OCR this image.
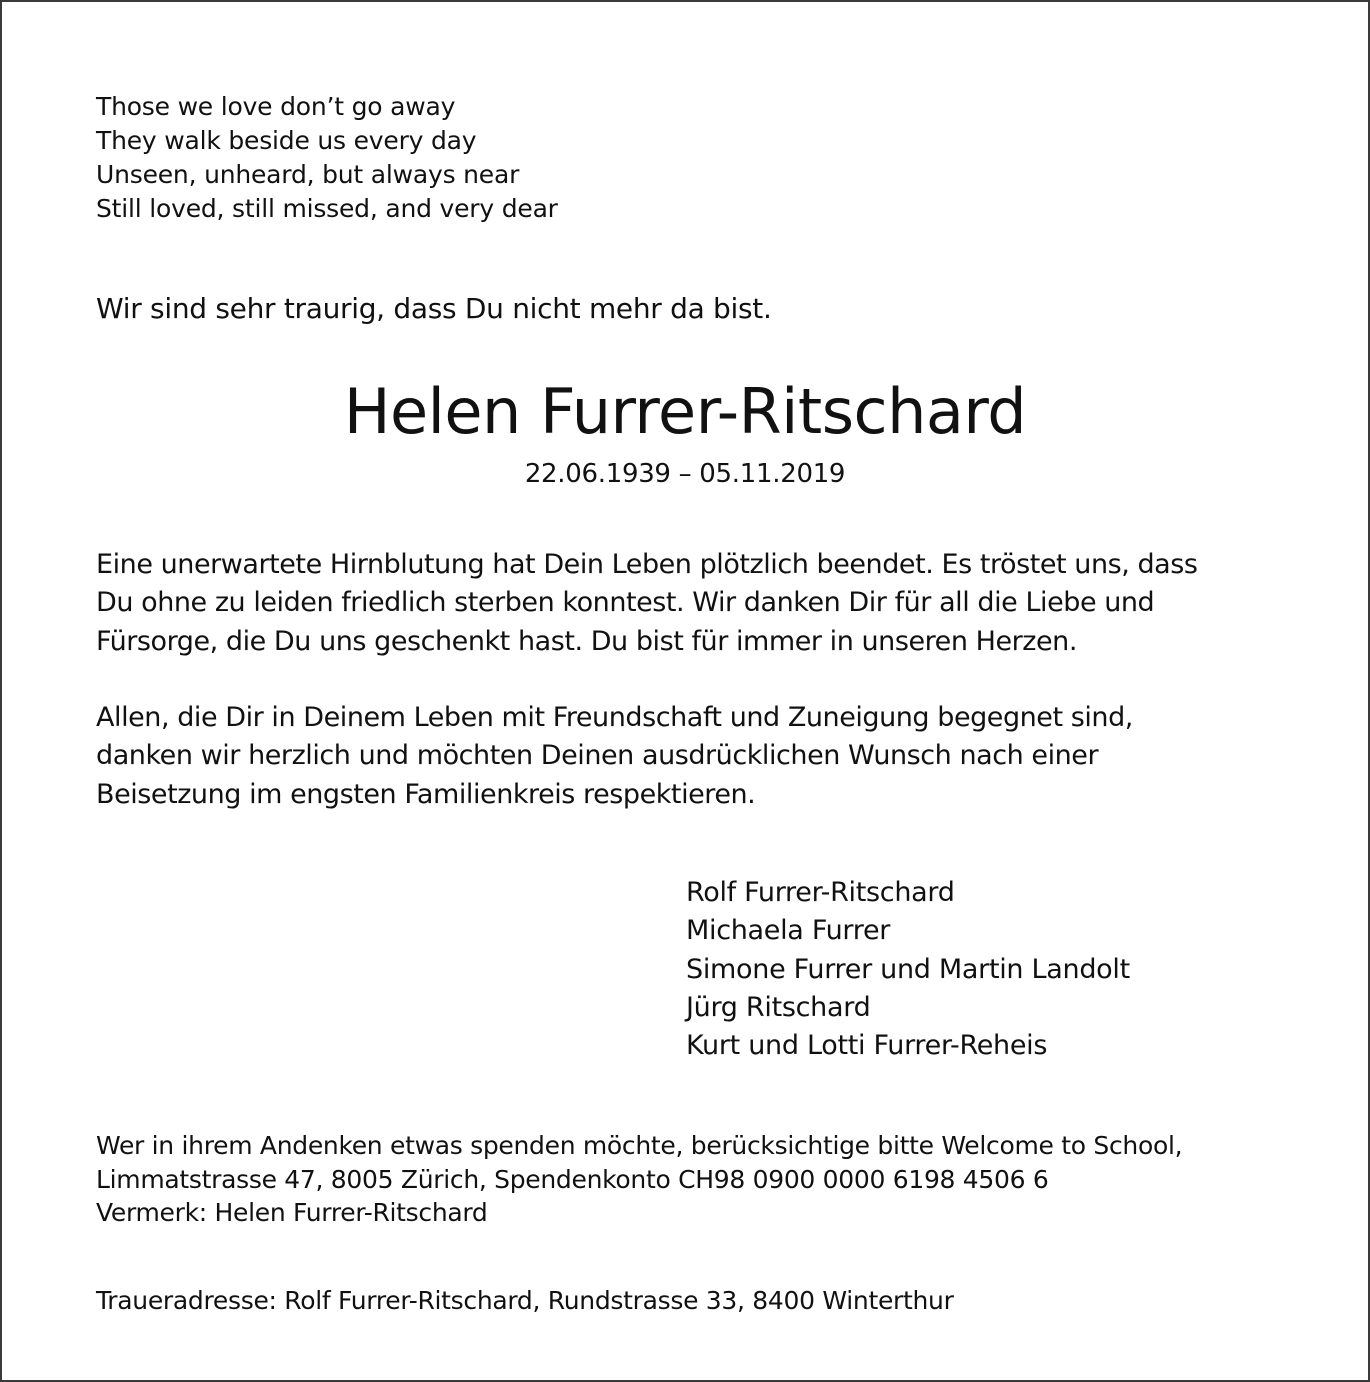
Those we love don’t go away
They walk beside us every day
Unseen, unheard, but always near
Still loved, still missed, and very dear

Wir sind sehr traurig, dass Du nicht mehr da bist.

Helen Furrer-Ritschard

22.06.1939 – 05.11.2019

Eine unerwartete Hirnblutung hat Dein Leben plötzlich beendet. Es tröstet uns, dass
Du ohne zu leiden friedlich sterben konntest. Wir danken Dir für all die Liebe und
Fürsorge, die Du uns geschenkt hast. Du bist für immer in unseren Herzen.
Allen, die Dir in Deinem Leben mit Freundschaft und Zuneigung begegnet sind,
danken wir herzlich und möchten Deinen ausdrücklichen Wunsch nach einer
Beisetzung im engsten Familienkreis respektieren.
Rolf Furrer-Ritschard
Michaela Furrer
Simone Furrer und Martin Landolt
Jürg Ritschard
Kurt und Lotti Furrer-Reheis
Wer in ihrem Andenken etwas spenden möchte, berücksichtige bitte Welcome to School,
Limmatstrasse 47, 8005 Zürich, Spendenkonto CH98 0900 0000 6198 4506 6
Vermerk: Helen Furrer-Ritschard

Traueradresse: Rolf Furrer-Ritschard, Rundstrasse 33, 8400 Winterthur
